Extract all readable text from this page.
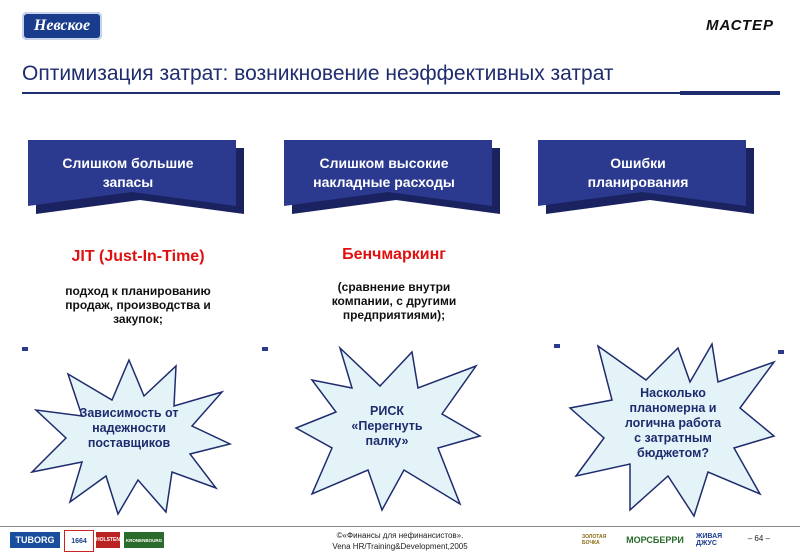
Невское	МАСТЕР
Оптимизация затрат: возникновение неэффективных затрат
Слишком большие
запасы
Слишком высокие
накладные расходы
Ошибки
планирования
JIT (Just-In-Time)
подход к планированию
продаж, производства и
закупок;
Бенчмаркинг
(сравнение внутри
компании, с другими
предприятиями);
Зависимость от
надежности
поставщиков
РИСК
«Перегнуть
палку»
Насколько
планомерна и
логична работа
с затратным
бюджетом?
TUBORG	1664	HOLSTEN	KRONENBOURG	©«Финансы для нефинансистов».
Vena HR/Training&Development,2005
ЗОЛОТАЯ БОЧКА	МОРСБЕРРИ	ЖИВАЯ ДЖУС
– 64 –
